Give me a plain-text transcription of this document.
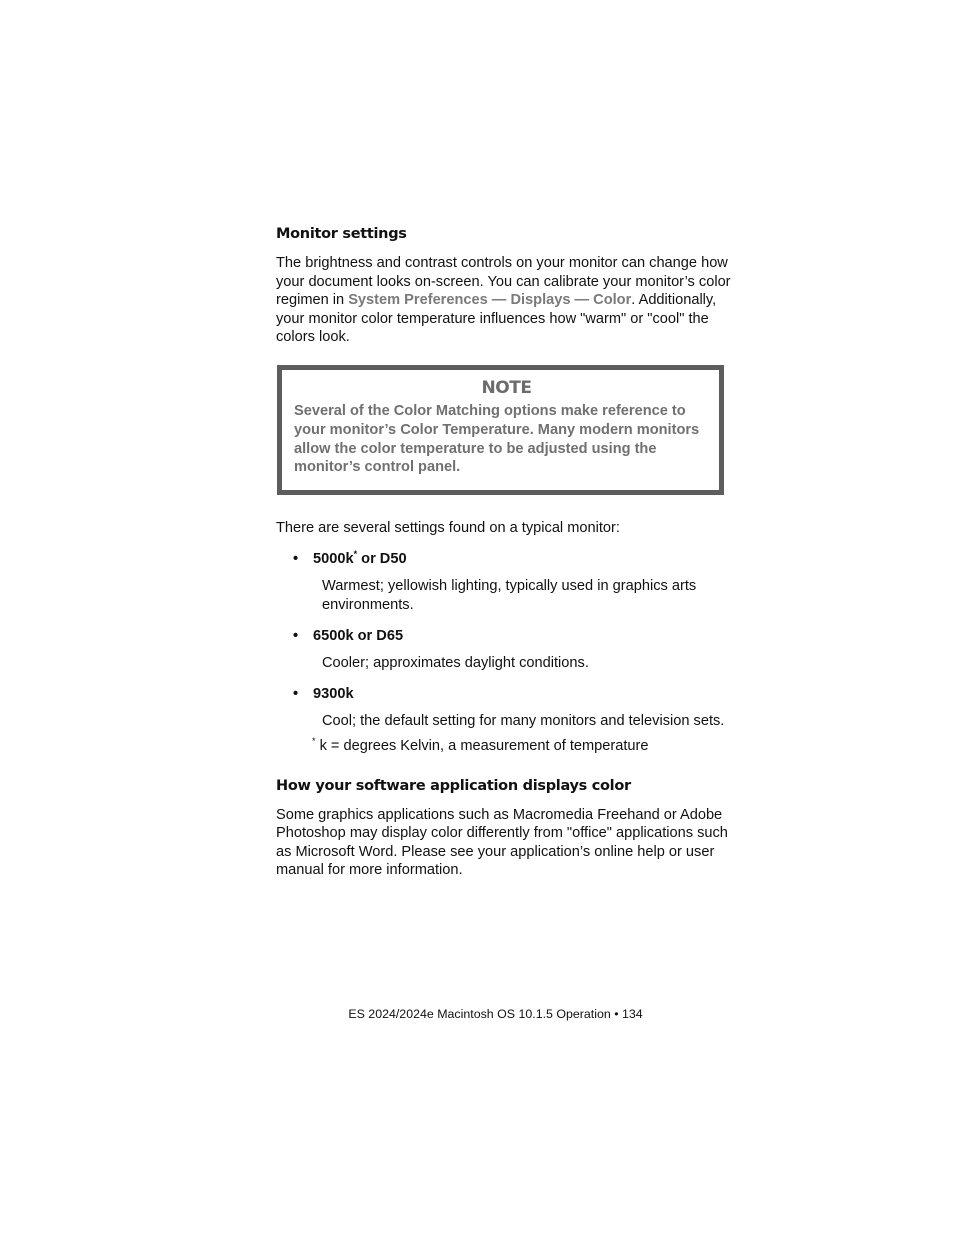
Monitor settings

The brightness and contrast controls on your monitor can change how your document looks on-screen. You can calibrate your monitor’s color regimen in System Preferences — Displays — Color. Additionally, your monitor color temperature influences how "warm" or "cool" the colors look.

NOTE

Several of the Color Matching options make reference to your monitor’s Color Temperature. Many modern monitors allow the color temperature to be adjusted using the monitor’s control panel.

There are several settings found on a typical monitor:

• 5000k* or D50

Warmest; yellowish lighting, typically used in graphics arts environments.

• 6500k or D65

Cooler; approximates daylight conditions.

• 9300k

Cool; the default setting for many monitors and television sets.

* k = degrees Kelvin, a measurement of temperature

How your software application displays color

Some graphics applications such as Macromedia Freehand or Adobe Photoshop may display color differently from "office" applications such as Microsoft Word. Please see your application’s online help or user manual for more information.

ES 2024/2024e Macintosh OS 10.1.5 Operation • 134
